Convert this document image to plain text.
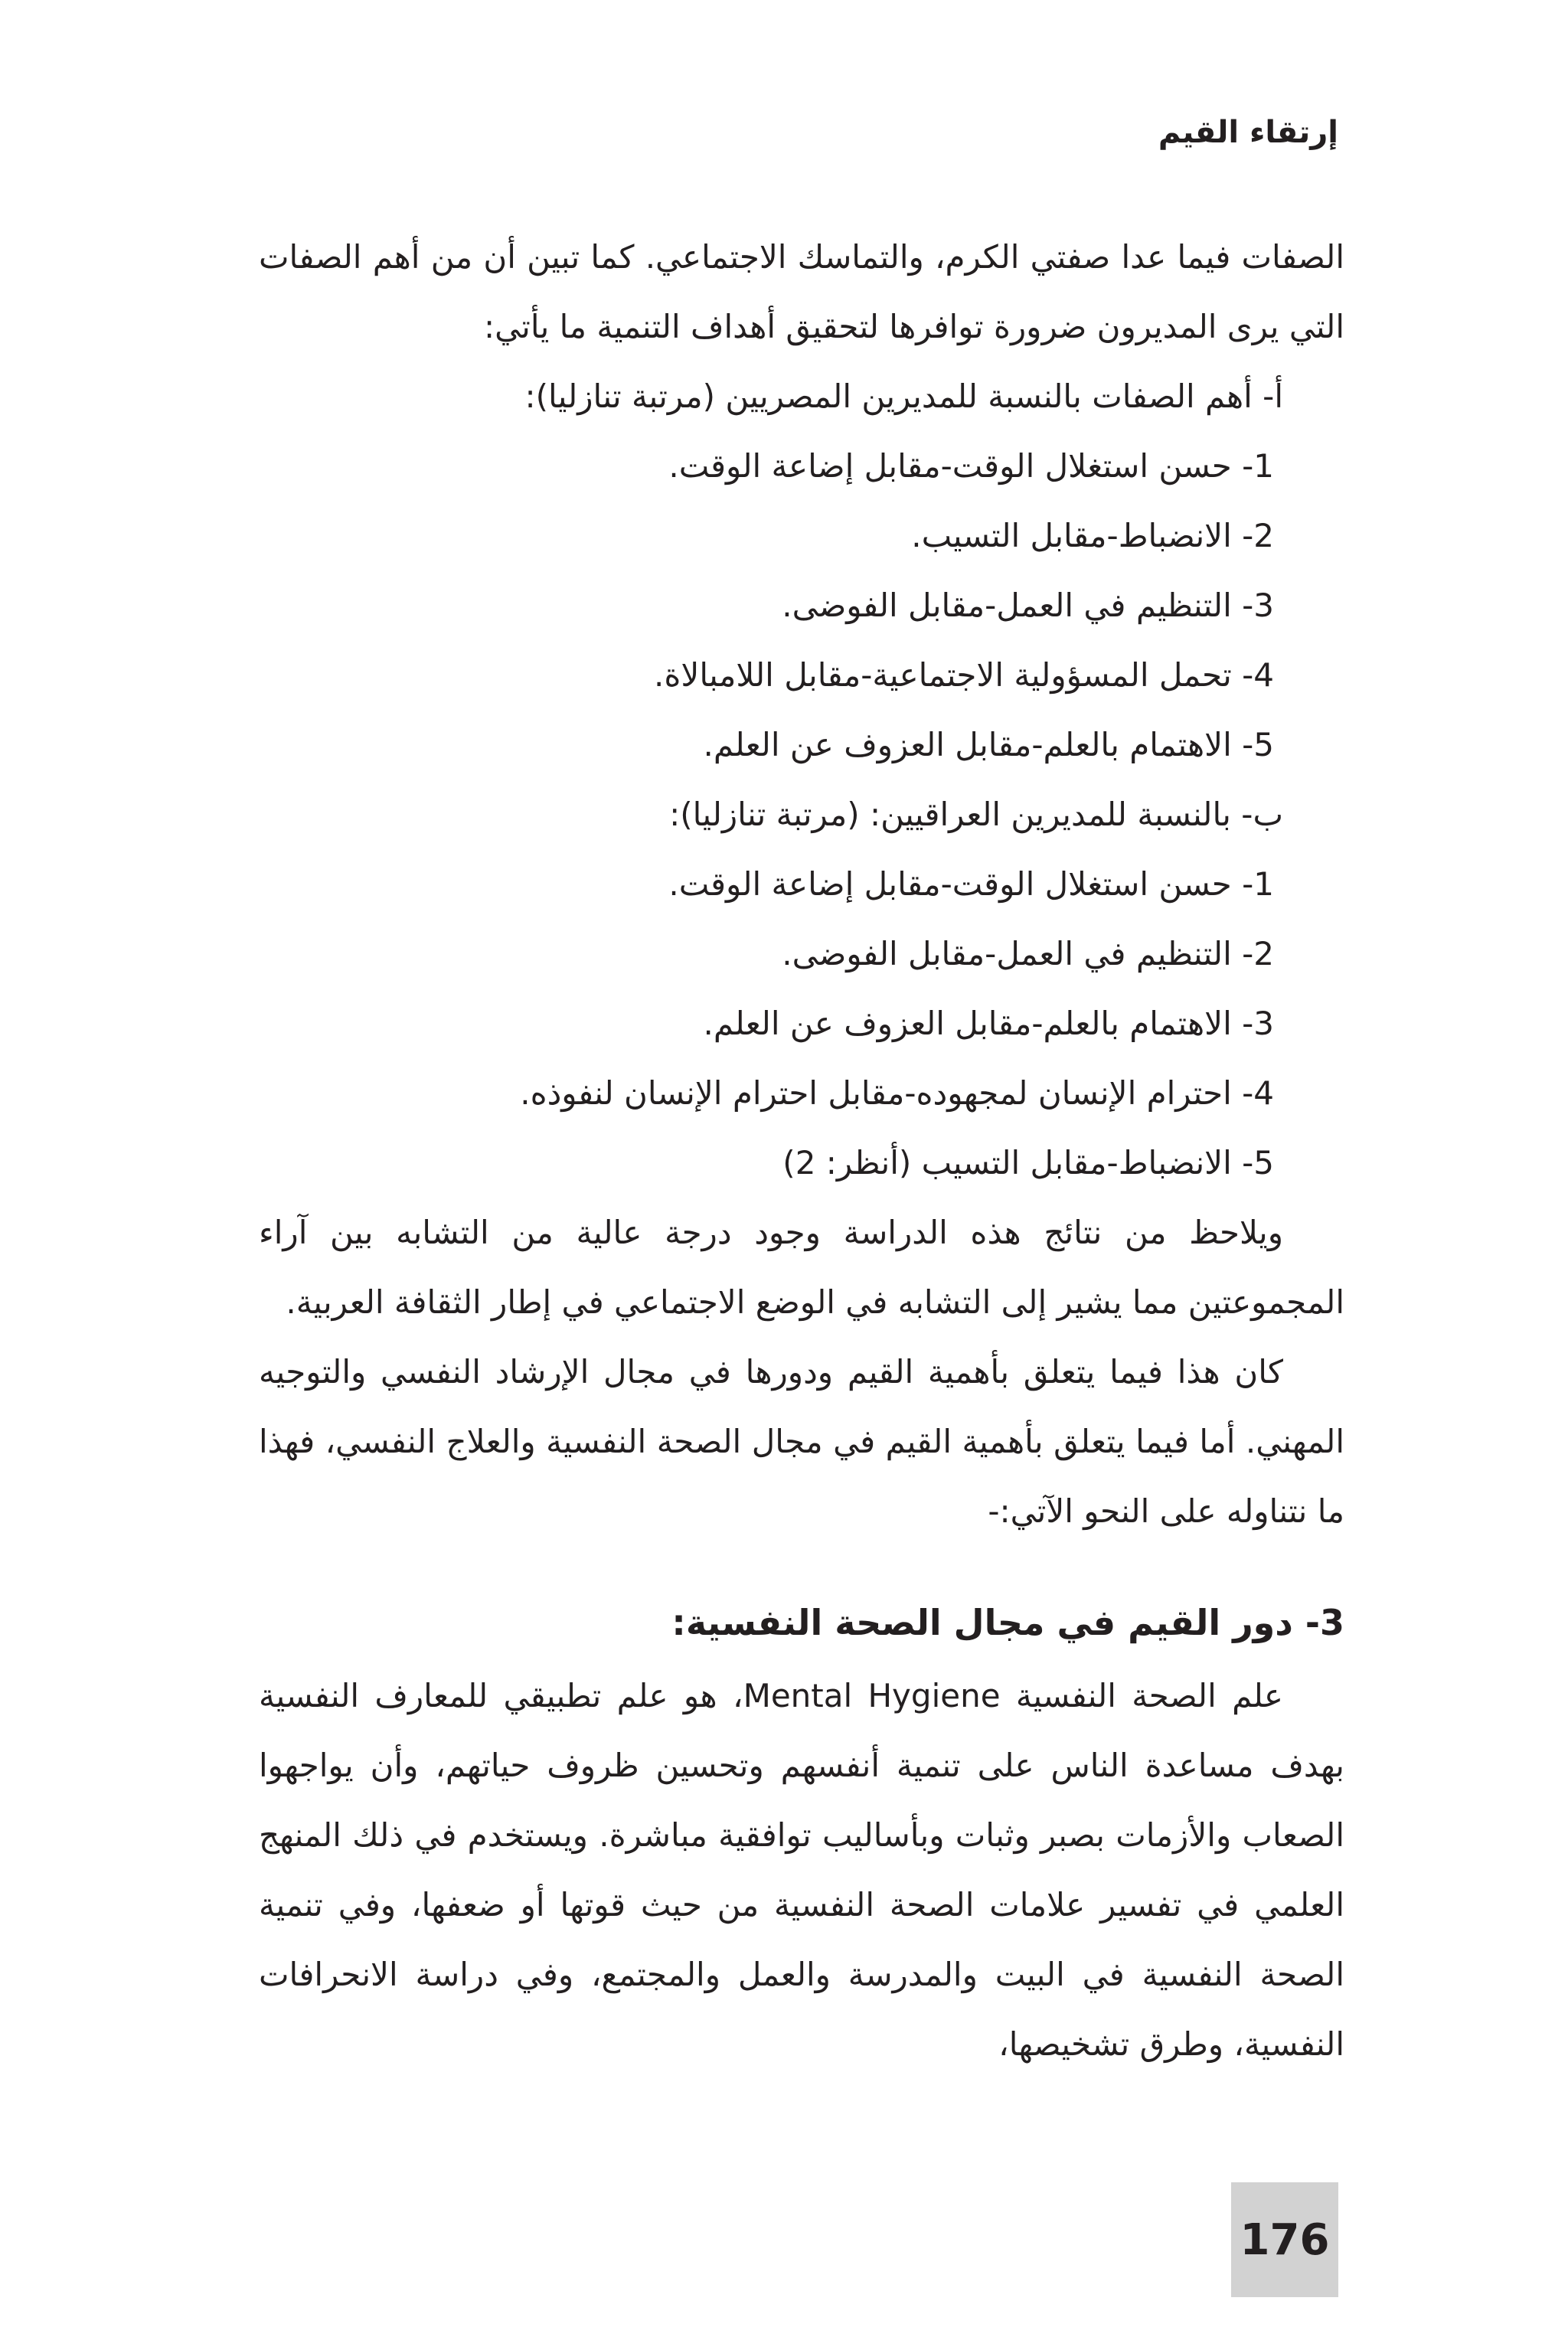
إرتقاء القيم

الصفات فيما عدا صفتي الكرم، والتماسك الاجتماعي. كما تبين أن من أهم الصفات التي يرى المديرون ضرورة توافرها لتحقيق أهداف التنمية ما يأتي:

أ- أهم الصفات بالنسبة للمديرين المصريين (مرتبة تنازليا):
1- حسن استغلال الوقت-مقابل إضاعة الوقت.
2- الانضباط-مقابل التسيب.
3- التنظيم في العمل-مقابل الفوضى.
4- تحمل المسؤولية الاجتماعية-مقابل اللامبالاة.
5- الاهتمام بالعلم-مقابل العزوف عن العلم.
ب- بالنسبة للمديرين العراقيين: (مرتبة تنازليا):
1- حسن استغلال الوقت-مقابل إضاعة الوقت.
2- التنظيم في العمل-مقابل الفوضى.
3- الاهتمام بالعلم-مقابل العزوف عن العلم.
4- احترام الإنسان لمجهوده-مقابل احترام الإنسان لنفوذه.
5- الانضباط-مقابل التسيب (أنظر: 2)

ويلاحظ من نتائج هذه الدراسة وجود درجة عالية من التشابه بين آراء المجموعتين مما يشير إلى التشابه في الوضع الاجتماعي في إطار الثقافة العربية.

كان هذا فيما يتعلق بأهمية القيم ودورها في مجال الإرشاد النفسي والتوجيه المهني. أما فيما يتعلق بأهمية القيم في مجال الصحة النفسية والعلاج النفسي، فهذا ما نتناوله على النحو الآتي:-

3- دور القيم في مجال الصحة النفسية:

علم الصحة النفسية Mental Hygiene، هو علم تطبيقي للمعارف النفسية بهدف مساعدة الناس على تنمية أنفسهم وتحسين ظروف حياتهم، وأن يواجهوا الصعاب والأزمات بصبر وثبات وبأساليب توافقية مباشرة. ويستخدم في ذلك المنهج العلمي في تفسير علامات الصحة النفسية من حيث قوتها أو ضعفها، وفي تنمية الصحة النفسية في البيت والمدرسة والعمل والمجتمع، وفي دراسة الانحرافات النفسية، وطرق تشخيصها،

176
